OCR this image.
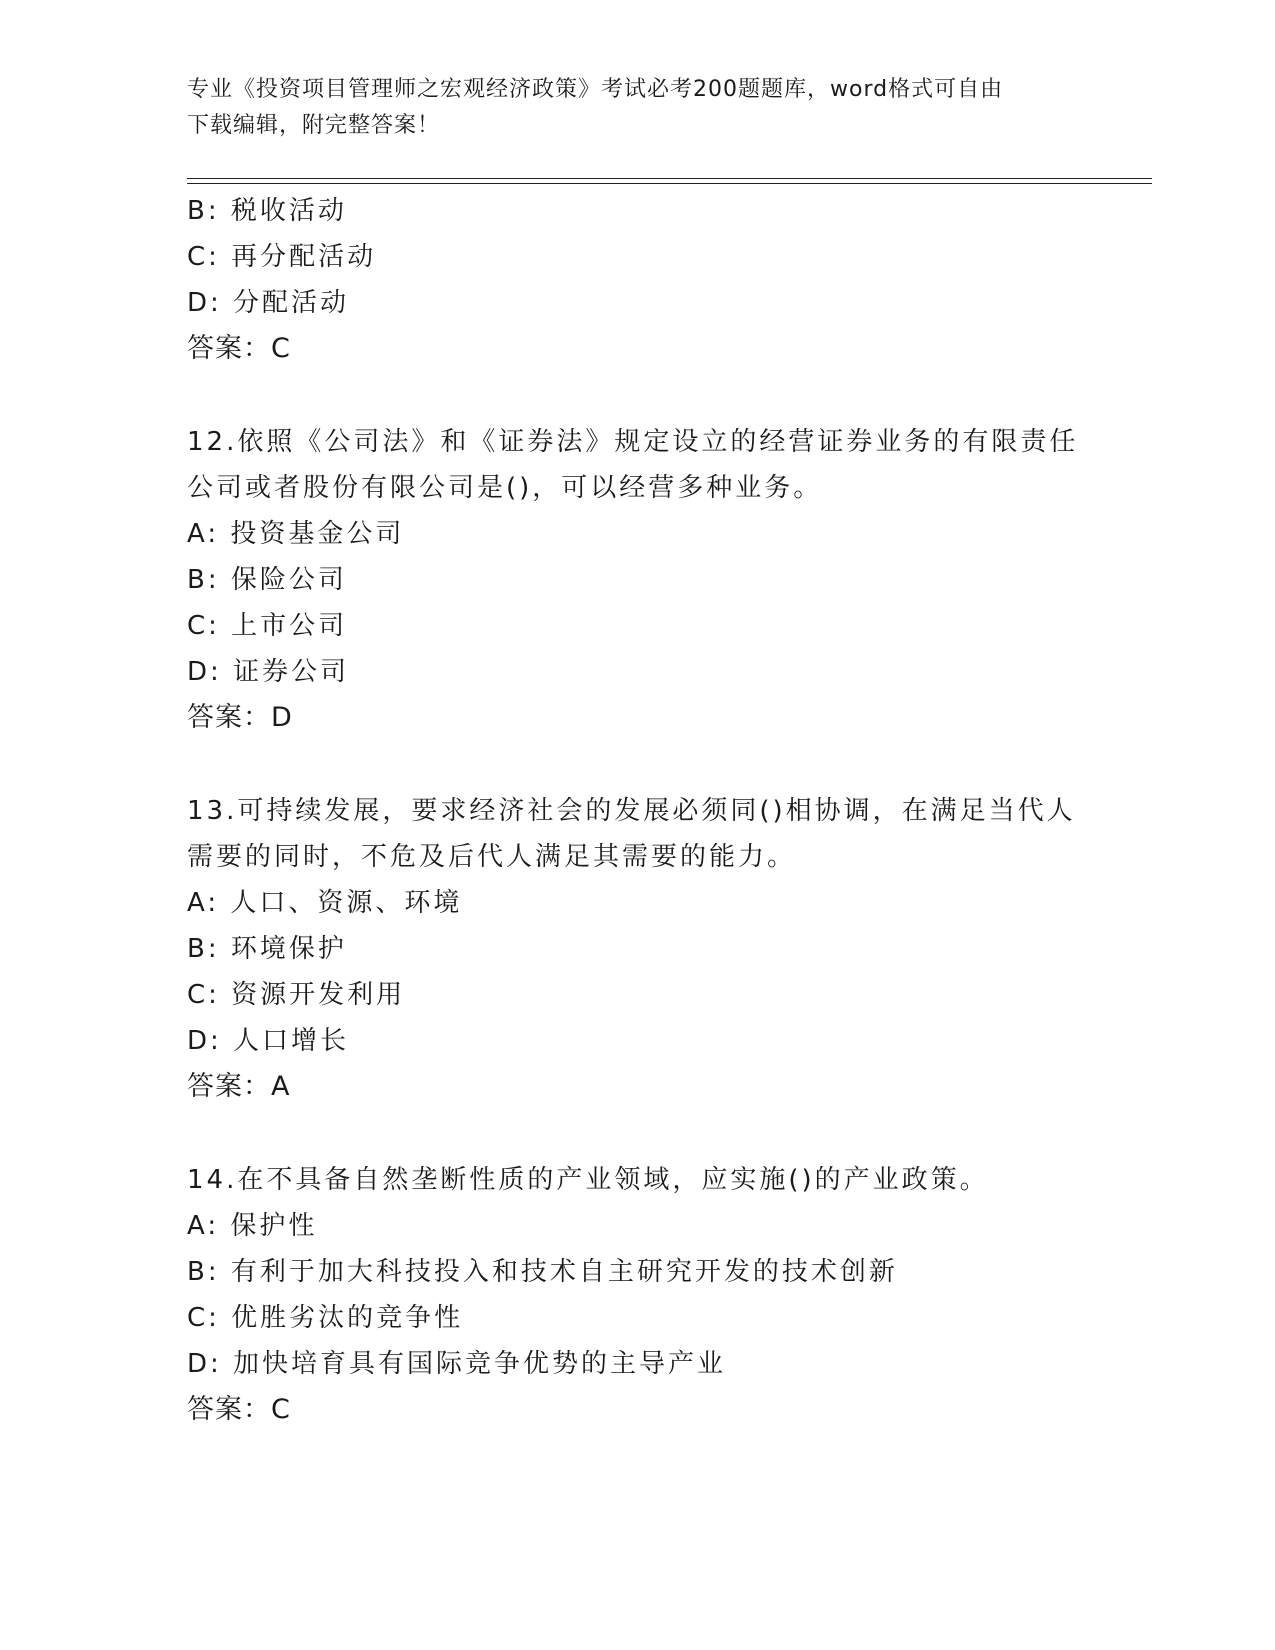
专业《投资项目管理师之宏观经济政策》考试必考200题题库，word格式可自由
下载编辑，附完整答案！
B: 税收活动
C: 再分配活动
D: 分配活动
答案：C
12.依照《公司法》和《证券法》规定设立的经营证券业务的有限责任
公司或者股份有限公司是()，可以经营多种业务。
A: 投资基金公司
B: 保险公司
C: 上市公司
D: 证券公司
答案：D
13.可持续发展，要求经济社会的发展必须同()相协调，在满足当代人
需要的同时，不危及后代人满足其需要的能力。
A: 人口、资源、环境
B: 环境保护
C: 资源开发利用
D: 人口增长
答案：A
14.在不具备自然垄断性质的产业领域，应实施()的产业政策。
A: 保护性
B: 有利于加大科技投入和技术自主研究开发的技术创新
C: 优胜劣汰的竞争性
D: 加快培育具有国际竞争优势的主导产业
答案：C
